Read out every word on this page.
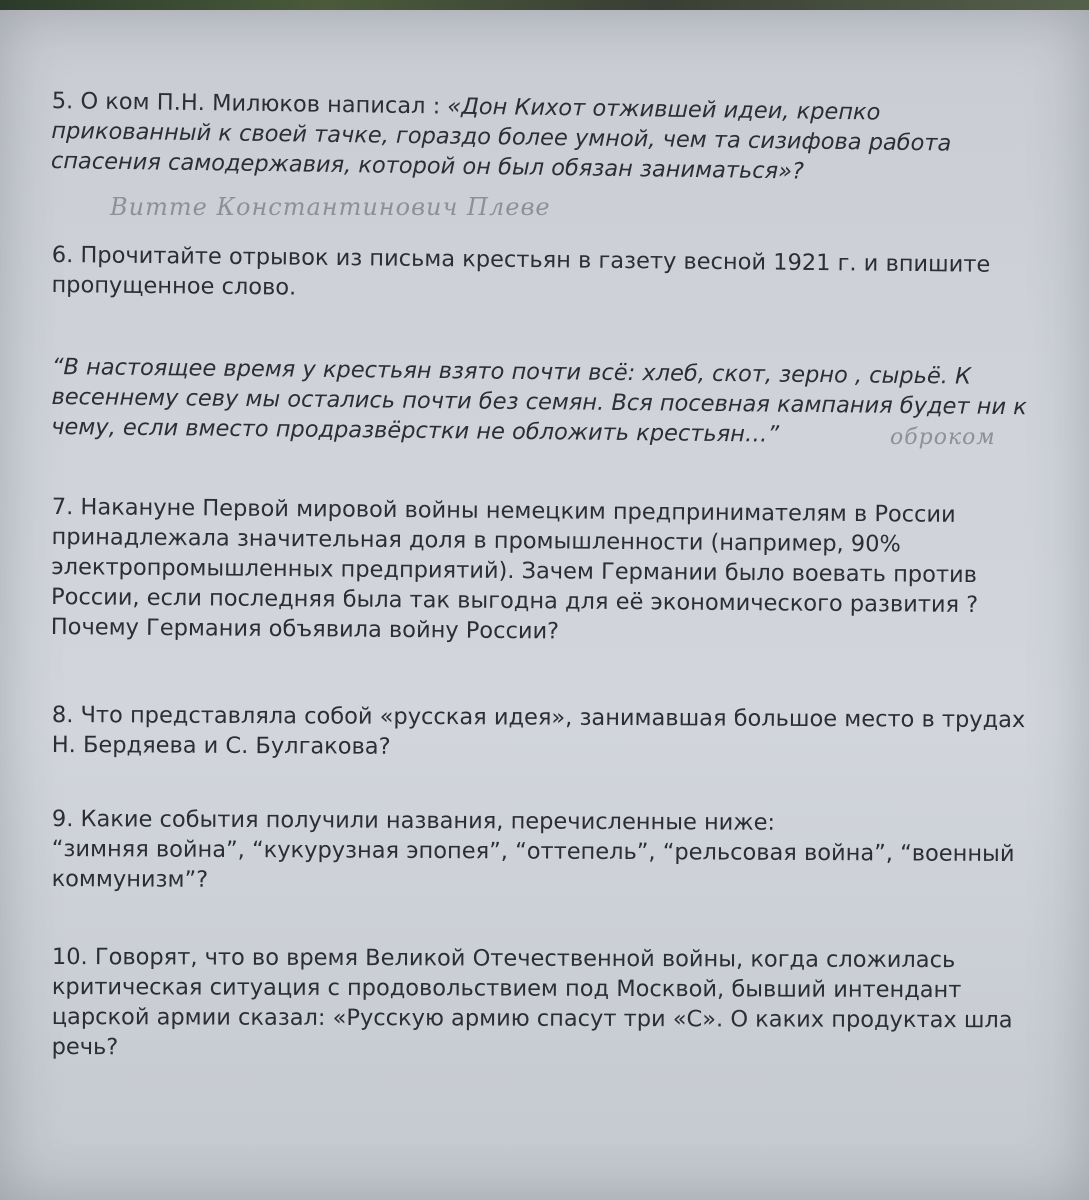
5. О ком П.Н. Милюков написал : «Дон Кихот отжившей идеи, крепко прикованный к своей тачке, гораздо более умной, чем та сизифова работа спасения самодержавия, которой он был обязан заниматься»?

Витте Константинович Плеве

6. Прочитайте отрывок из письма крестьян в газету весной 1921 г. и впишите пропущенное слово.

“В настоящее время у крестьян взято почти всё: хлеб, скот, зерно , сырьё. К весеннему севу мы остались почти без семян. Вся посевная кампания будет ни к чему, если вместо продразвёрстки не обложить крестьян…”	оброком

7. Накануне Первой мировой войны немецким предпринимателям в России принадлежала значительная доля в промышленности (например, 90% электропромышленных предприятий). Зачем Германии было воевать против России, если последняя была так выгодна для её экономического развития ? Почему Германия объявила войну России?

8. Что представляла собой «русская идея», занимавшая большое место в трудах Н. Бердяева и С. Булгакова?

9. Какие события получили названия, перечисленные ниже:

“зимняя война”, “кукурузная эпопея”, “оттепель”, “рельсовая война”, “военный коммунизм”?

10. Говорят, что во время Великой Отечественной войны, когда сложилась критическая ситуация с продовольствием под Москвой, бывший интендант царской армии сказал: «Русскую армию спасут три «С». О каких продуктах шла речь?
